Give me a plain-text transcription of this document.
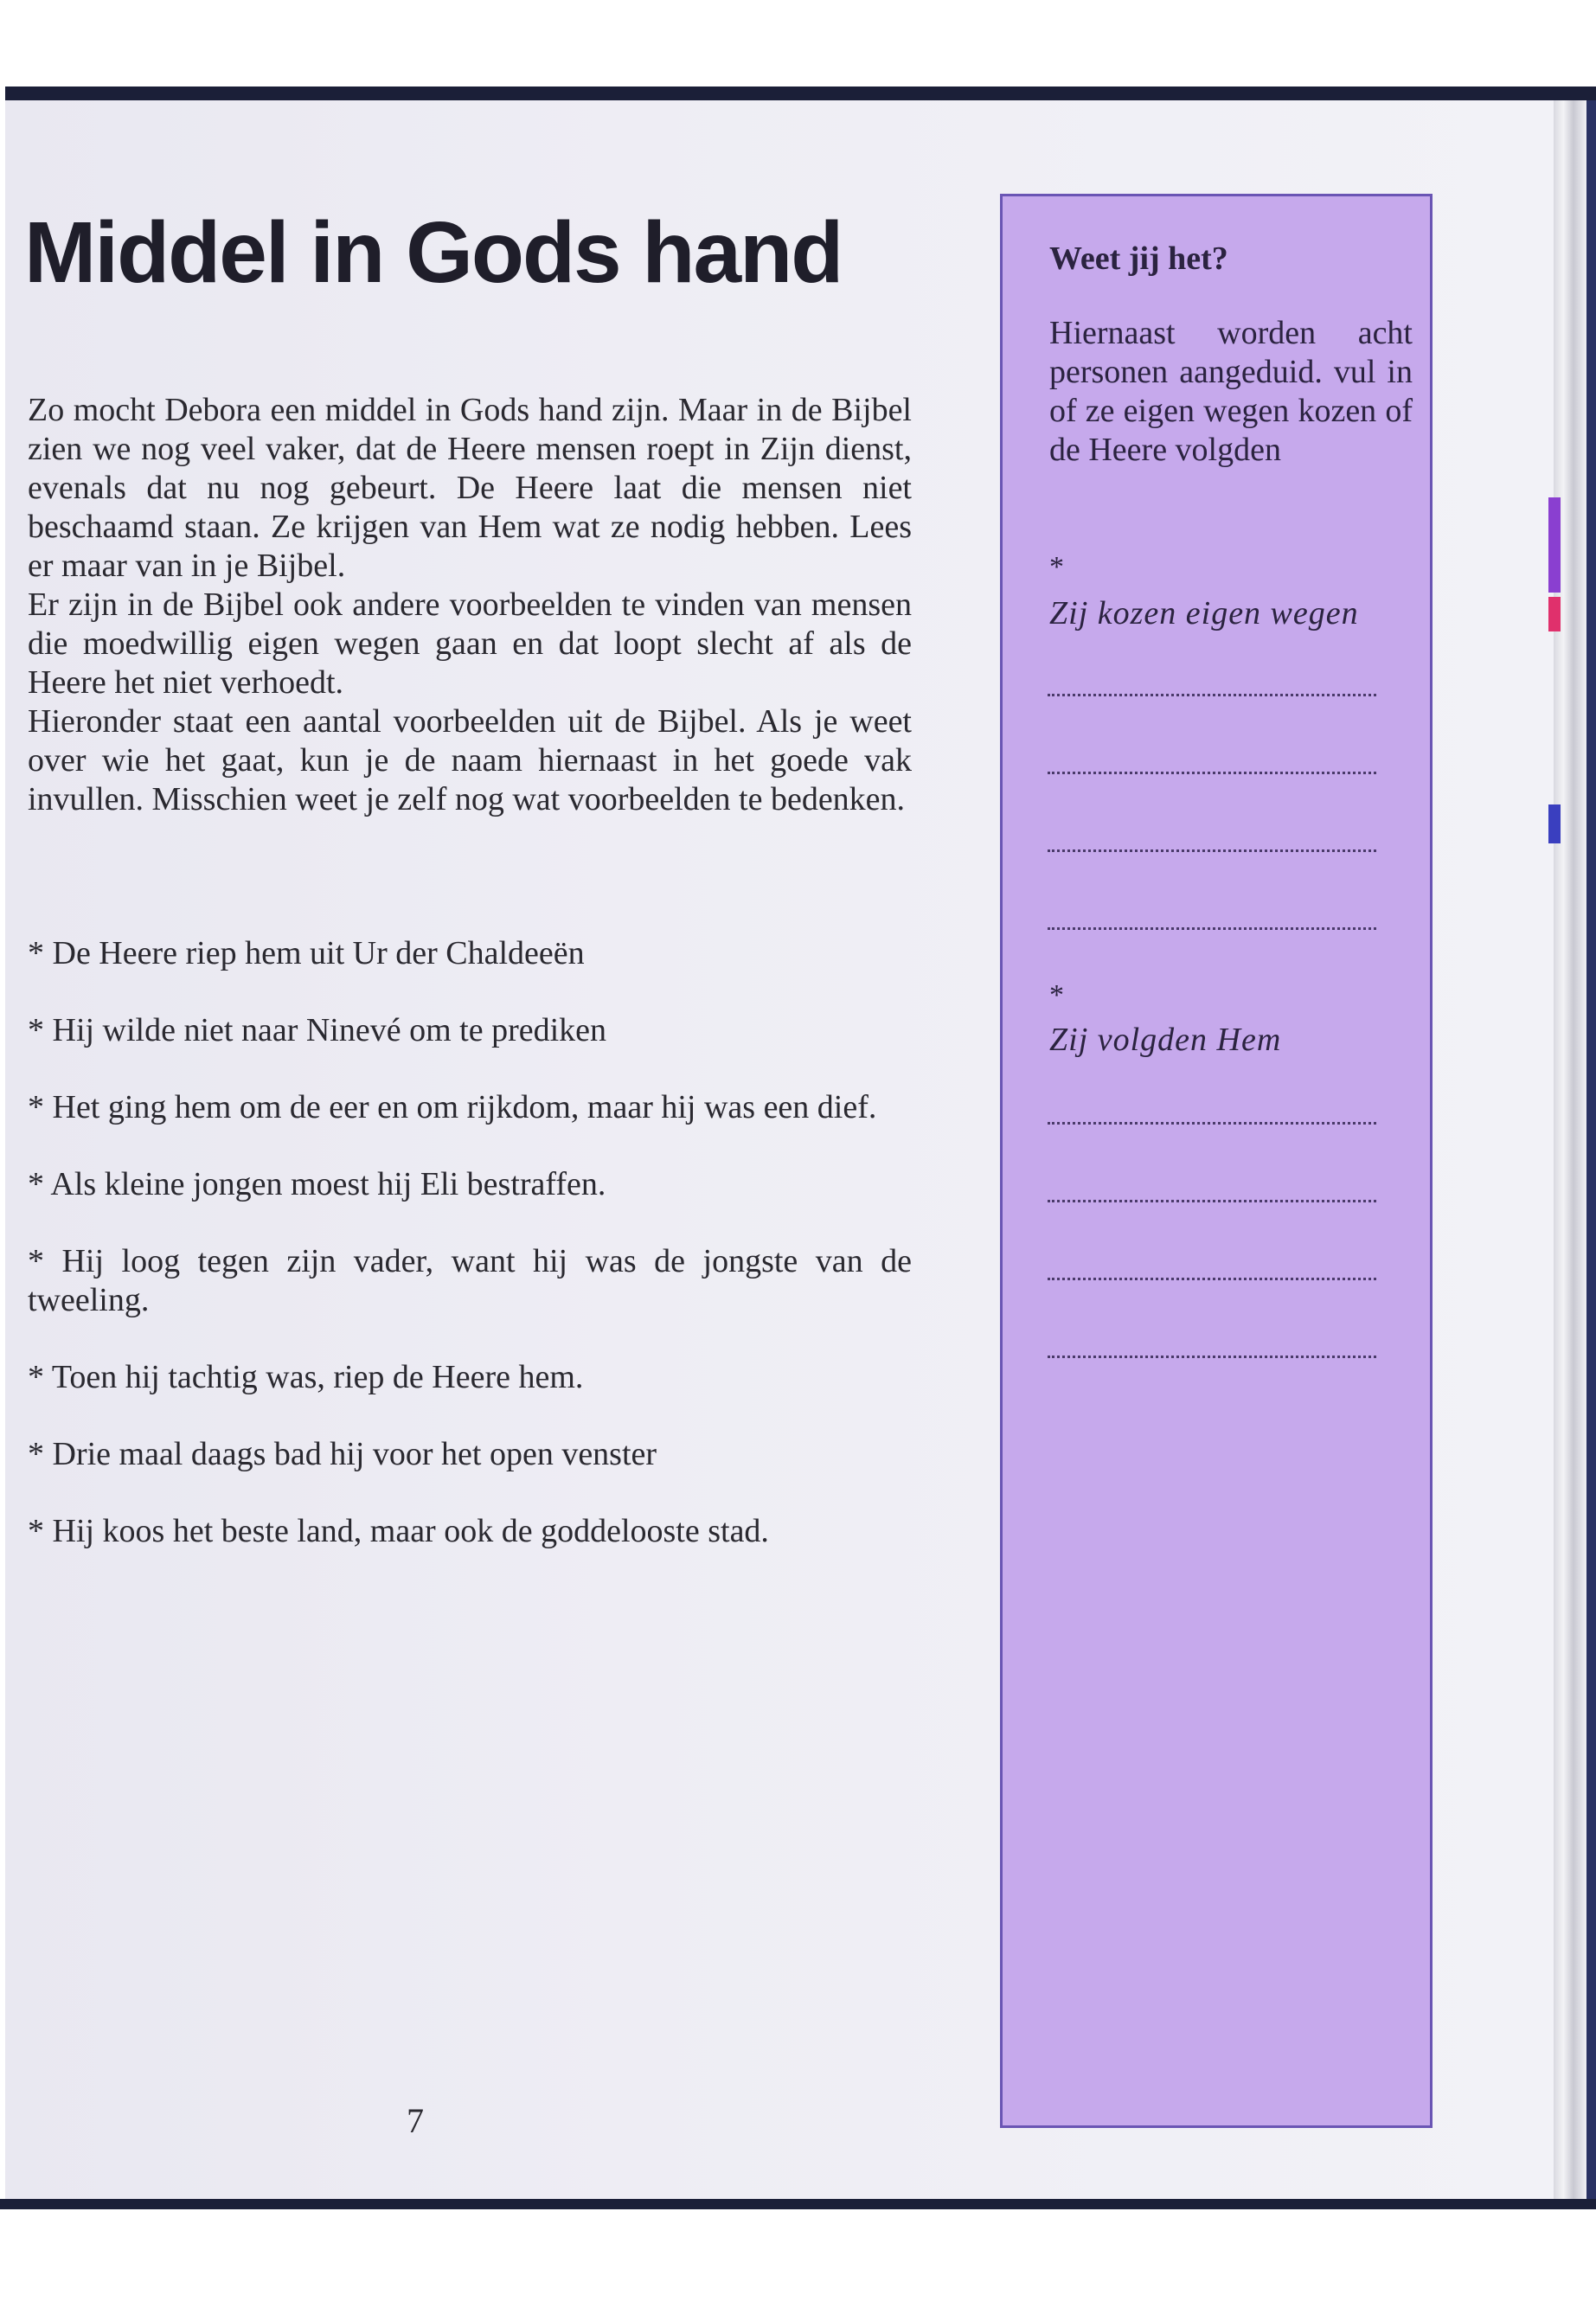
Middel in Gods hand

Zo mocht Debora een middel in Gods hand zijn. Maar in de Bijbel zien we nog veel vaker, dat de Heere mensen roept in Zijn dienst, evenals dat nu nog gebeurt. De Heere laat die mensen niet beschaamd staan. Ze krijgen van Hem wat ze nodig hebben. Lees er maar van in je Bijbel.

Er zijn in de Bijbel ook andere voorbeelden te vinden van mensen die moedwillig eigen wegen gaan en dat loopt slecht af als de Heere het niet verhoedt.

Hieronder staat een aantal voorbeelden uit de Bijbel. Als je weet over wie het gaat, kun je de naam hiernaast in het goede vak invullen. Misschien weet je zelf nog wat voorbeelden te bedenken.

* De Heere riep hem uit Ur der Chaldeeën

* Hij wilde niet naar Ninevé om te prediken

* Het ging hem om de eer en om rijkdom, maar hij was een dief.

* Als kleine jongen moest hij Eli bestraffen.

* Hij loog tegen zijn vader, want hij was de jongste van de tweeling.

* Toen hij tachtig was, riep de Heere hem.

* Drie maal daags bad hij voor het open venster

* Hij koos het beste land, maar ook de goddelooste stad.

7
Weet jij het?
Hiernaast worden acht personen aangeduid. vul in of ze eigen wegen kozen of de Heere volgden
*
Zij kozen eigen wegen
*
Zij volgden Hem
